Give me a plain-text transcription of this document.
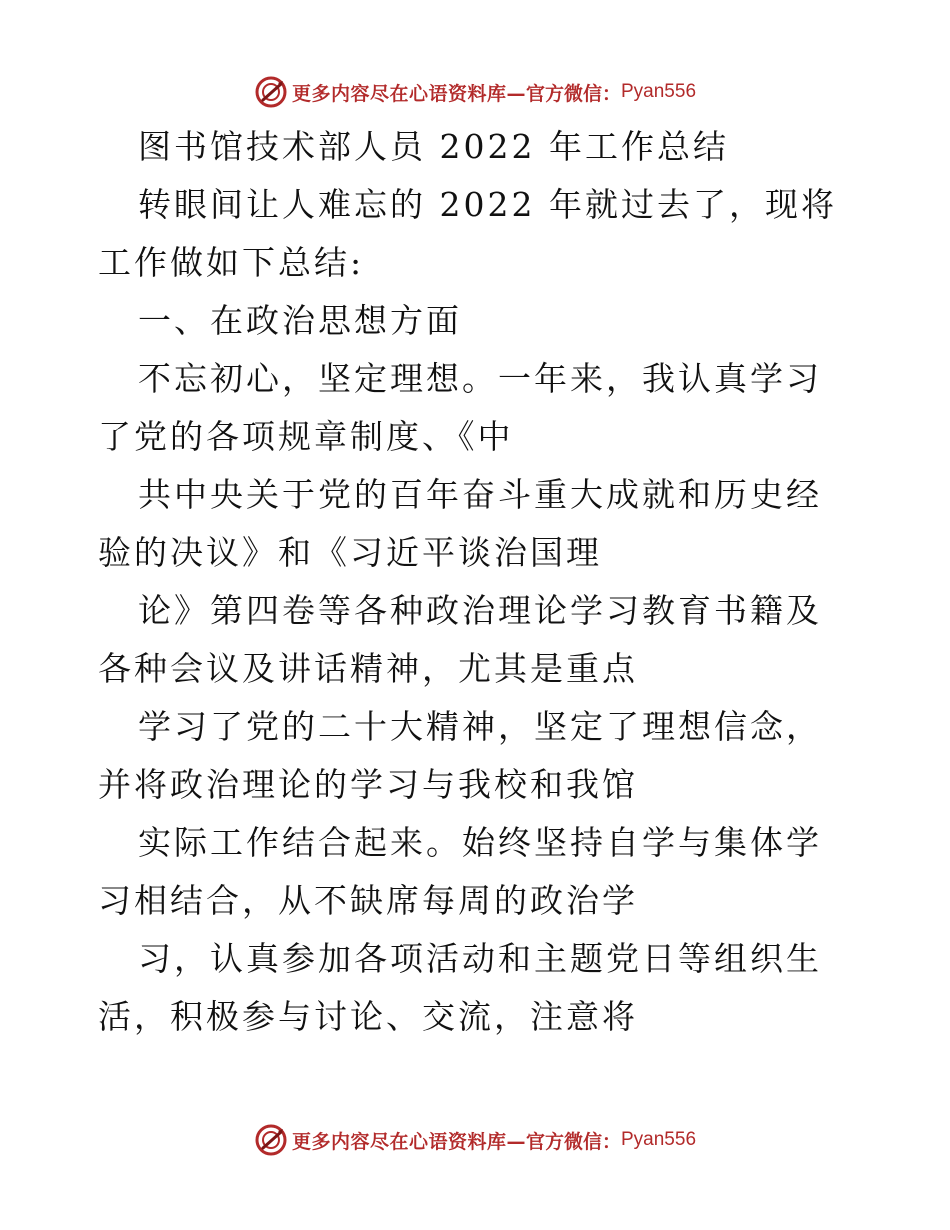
更多内容尽在心语资料库— 官方微信： Pyan556

图书馆技术部人员 2022 年工作总结

转眼间让人难忘的 2022 年就过去了，现将工作做如下总结:

一、在政治思想方面

不忘初心，坚定理想。一年来，我认真学习了党的各项规章制度、《中

共中央关于党的百年奋斗重大成就和历史经验的决议》和《习近平谈治国理

论》第四卷等各种政治理论学习教育书籍及各种会议及讲话精神，尤其是重点

学习了党的二十大精神，坚定了理想信念，并将政治理论的学习与我校和我馆

实际工作结合起来。始终坚持自学与集体学习相结合，从不缺席每周的政治学

习，认真参加各项活动和主题党日等组织生活，积极参与讨论、交流，注意将

更多内容尽在心语资料库— 官方微信： Pyan556
